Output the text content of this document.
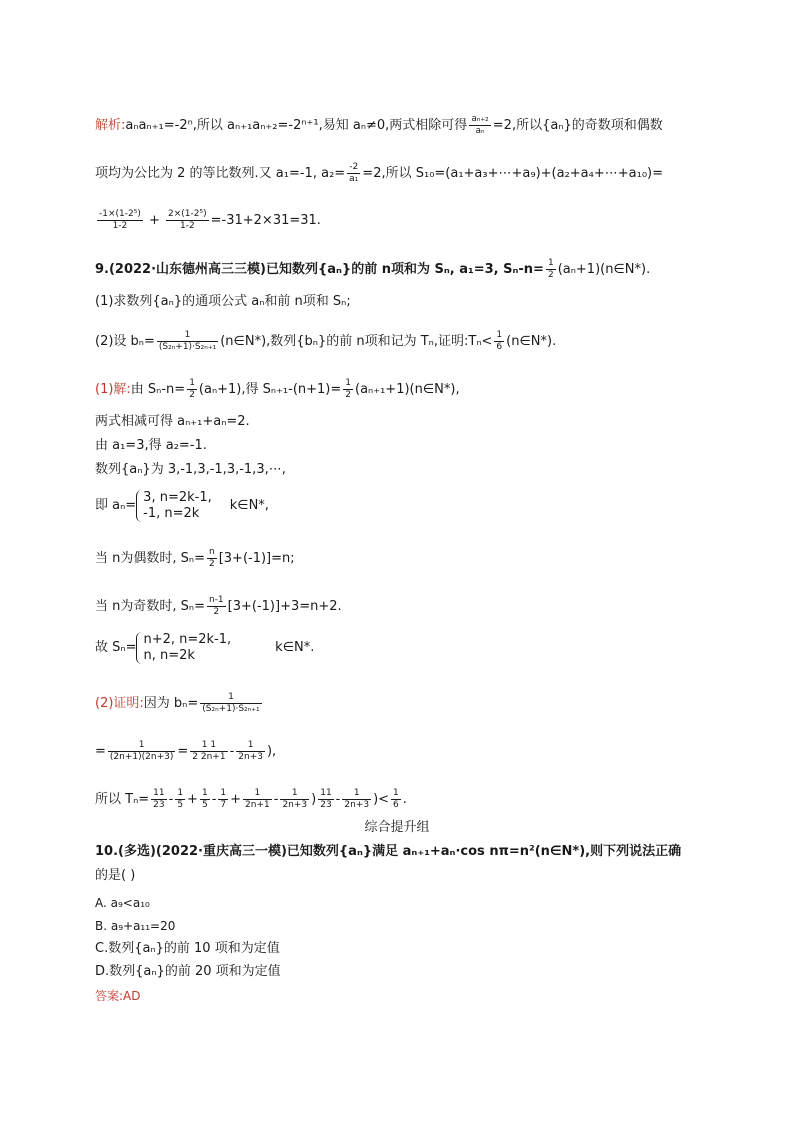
解析:aₙaₙ₊₁=-2ⁿ,所以 aₙ₊₁aₙ₊₂=-2ⁿ⁺¹,易知 aₙ≠0,两式相除可得 $\frac{\text{aₙ₊₂}}{\text{aₙ}} =2$,所以{aₙ}的奇数项和偶数
项均为公比为 2 的等比数列.又 a₁=-1, $a_2= \frac{-2}{\text{a₁}} =2$,所以 S₁₀=(a₁+a₃+⋯+a₉)+(a₂+a₄+⋯+a₁₀)=
$\frac{\text{-1×(1-2⁵)}}{1-2} + \frac{\text{2×(1-2⁵)}}{1-2} =-31+2\times 31=31$.
9.(2022·山东德州高三三模)已知数列{aₙ}的前 n项和为 Sₙ, a₁=3, $S_n-n= \frac{1}{2}$ (aₙ+1)(n∈N*).
(1)求数列{aₙ}的通项公式 aₙ和前 n项和 Sₙ;
(2)设 $b_n= \frac{1}{\text{(S₂ₙ+1)·S₂ₙ₊₁}}$ (n∈N*),数列{bₙ}的前 n项和记为 Tₙ,证明:Tₙ< $\frac{1}{6}$ (n∈N*).
(1)解:由 $S_n-n= \frac{1}{2} (a_n+1)$,得 $S_{n+1}-(n+1)= \frac{1}{2}$ (aₙ₊₁+1)(n∈N*),
两式相减可得 aₙ₊₁+aₙ=2.
由 a₁=3,得 a₂=-1.
数列{aₙ}为 3,-1,3,-1,3,-1,3,⋯,
即 aₙ=
3, n=2k-1,
-1, n=2k
k∈N*,
当 n为偶数时, $S_n= \frac{n}{2} [3+(-1)]=n$;
当 n为奇数时, $S_n= \frac{n-1}{2} [3+(-1)]+3=n+2$.
故 Sₙ=
n+2, n=2k-1,
n, n=2k
k∈N*.
(2)证明:因为 $b_n= \frac{1}{\text{(S₂ₙ+1)·S₂ₙ₊₁}}$
= $\frac{1}{(2n+1)(2n+3)} = \frac{1 1}{2 2n+1} - \frac{1}{2n+3}$ ),
所以 $T_n= \frac{11}{23} - \frac{1}{5} + \frac{1}{5} - \frac{1}{7} + \frac{1}{2n+1} - \frac{1}{2n+3}$ ) $\frac{11}{23} - \frac{1}{2n+3}$ )< $\frac{1}{6}$ .
综合提升组
10.(多选)(2022·重庆高三一模)已知数列{aₙ}满足 aₙ₊₁+aₙ·cos nπ=n²(n∈N*),则下列说法正确
的是( )
A. a₉<a₁₀
B. a₉+a₁₁=20
C.数列{aₙ}的前 10 项和为定值
D.数列{aₙ}的前 20 项和为定值
答案:AD
